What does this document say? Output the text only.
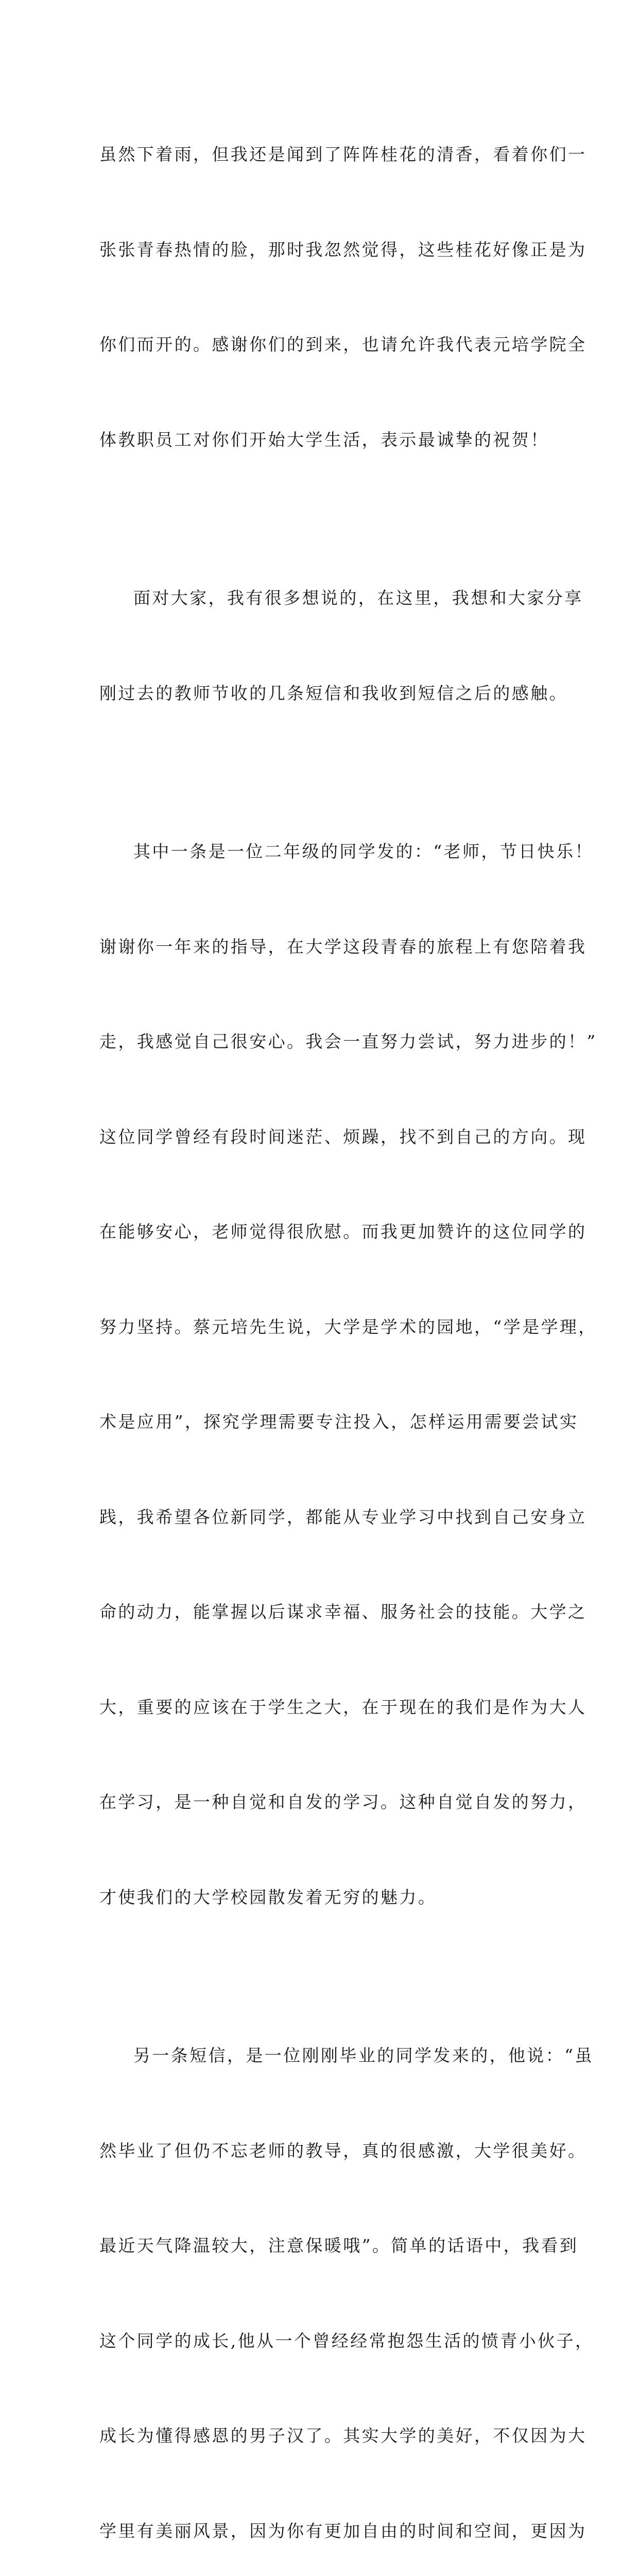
虽然下着雨，但我还是闻到了阵阵桂花的清香，看着你们一

张张青春热情的脸，那时我忽然觉得，这些桂花好像正是为

你们而开的。感谢你们的到来，也请允许我代表元培学院全

体教职员工对你们开始大学生活，表示最诚挚的祝贺！

面对大家，我有很多想说的，在这里，我想和大家分享

刚过去的教师节收的几条短信和我收到短信之后的感触。

其中一条是一位二年级的同学发的：“老师，节日快乐！

谢谢你一年来的指导，在大学这段青春的旅程上有您陪着我

走，我感觉自己很安心。我会一直努力尝试，努力进步的！”

这位同学曾经有段时间迷茫、烦躁，找不到自己的方向。现

在能够安心，老师觉得很欣慰。而我更加赞许的这位同学的

努力坚持。蔡元培先生说，大学是学术的园地，“学是学理，

术是应用”，探究学理需要专注投入，怎样运用需要尝试实

践，我希望各位新同学，都能从专业学习中找到自己安身立

命的动力，能掌握以后谋求幸福、服务社会的技能。大学之

大，重要的应该在于学生之大，在于现在的我们是作为大人

在学习，是一种自觉和自发的学习。这种自觉自发的努力，

才使我们的大学校园散发着无穷的魅力。

另一条短信，是一位刚刚毕业的同学发来的，他说：“虽

然毕业了但仍不忘老师的教导，真的很感激，大学很美好。

最近天气降温较大，注意保暖哦”。简单的话语中，我看到

这个同学的成长,他从一个曾经经常抱怨生活的愤青小伙子，

成长为懂得感恩的男子汉了。其实大学的美好，不仅因为大

学里有美丽风景，因为你有更加自由的时间和空间，更因为
